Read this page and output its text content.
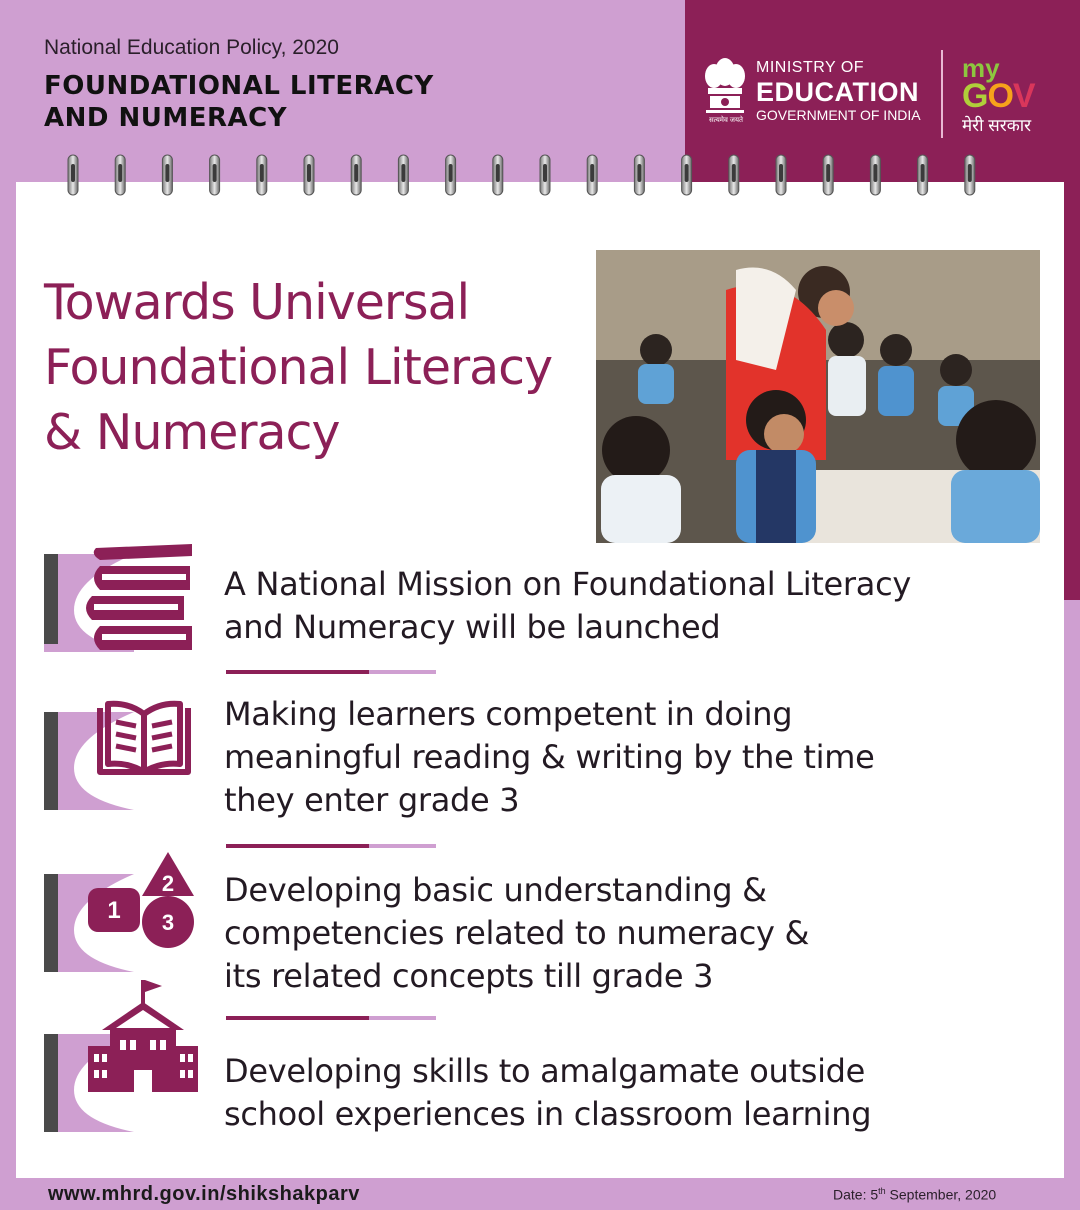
National Education Policy, 2020
FOUNDATIONAL LITERACY
AND NUMERACY	सत्यमेव जयते
MINISTRY OF
EDUCATION
GOVERNMENT OF INDIA
my
GOV
मेरी सरकार
Towards Universal
Foundational Literacy
& Numeracy
A National Mission on Foundational Literacy
and Numeracy will be launched
Making learners competent in doing
meaningful reading & writing by the time
they enter grade 3
1
2
3
Developing basic understanding &
competencies related to numeracy &
its related concepts till grade 3
Developing skills to amalgamate outside
school experiences in classroom learning
www.mhrd.gov.in/shikshakparv	Date: 5th September, 2020
